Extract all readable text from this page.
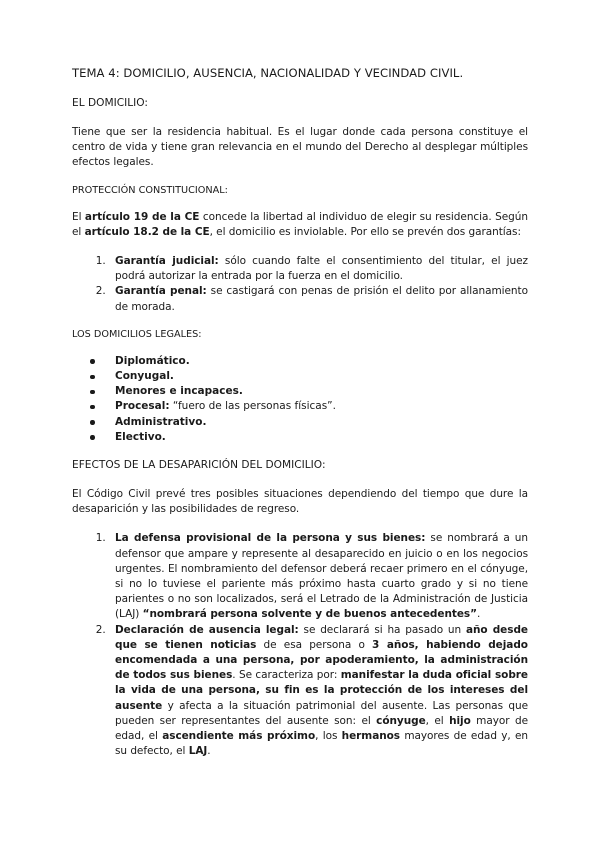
TEMA 4: DOMICILIO, AUSENCIA, NACIONALIDAD Y VECINDAD CIVIL.
EL DOMICILIO:

Tiene que ser la residencia habitual. Es el lugar donde cada persona constituye el centro de vida y tiene gran relevancia en el mundo del Derecho al desplegar múltiples efectos legales.

PROTECCIÓN CONSTITUCIONAL:

El artículo 19 de la CE concede la libertad al individuo de elegir su residencia. Según el artículo 18.2 de la CE, el domicilio es inviolable. Por ello se prevén dos garantías:

1. Garantía judicial: sólo cuando falte el consentimiento del titular, el juez podrá autorizar la entrada por la fuerza en el domicilio.
2. Garantía penal: se castigará con penas de prisión el delito por allanamiento de morada.
LOS DOMICILIOS LEGALES:
Diplomático.
Conyugal.
Menores e incapaces.
Procesal: “fuero de las personas físicas”.
Administrativo.
Electivo.
EFECTOS DE LA DESAPARICIÓN DEL DOMICILIO:

El Código Civil prevé tres posibles situaciones dependiendo del tiempo que dure la desaparición y las posibilidades de regreso.

1. La defensa provisional de la persona y sus bienes: se nombrará a un defensor que ampare y represente al desaparecido en juicio o en los negocios urgentes. El nombramiento del defensor deberá recaer primero en el cónyuge, si no lo tuviese el pariente más próximo hasta cuarto grado y si no tiene parientes o no son localizados, será el Letrado de la Administración de Justicia (LAJ) “nombrará persona solvente y de buenos antecedentes”.
2. Declaración de ausencia legal: se declarará si ha pasado un año desde que se tienen noticias de esa persona o 3 años, habiendo dejado encomendada a una persona, por apoderamiento, la administración de todos sus bienes. Se caracteriza por: manifestar la duda oficial sobre la vida de una persona, su fin es la protección de los intereses del ausente y afecta a la situación patrimonial del ausente. Las personas que pueden ser representantes del ausente son: el cónyuge, el hijo mayor de edad, el ascendiente más próximo, los hermanos mayores de edad y, en su defecto, el LAJ.
